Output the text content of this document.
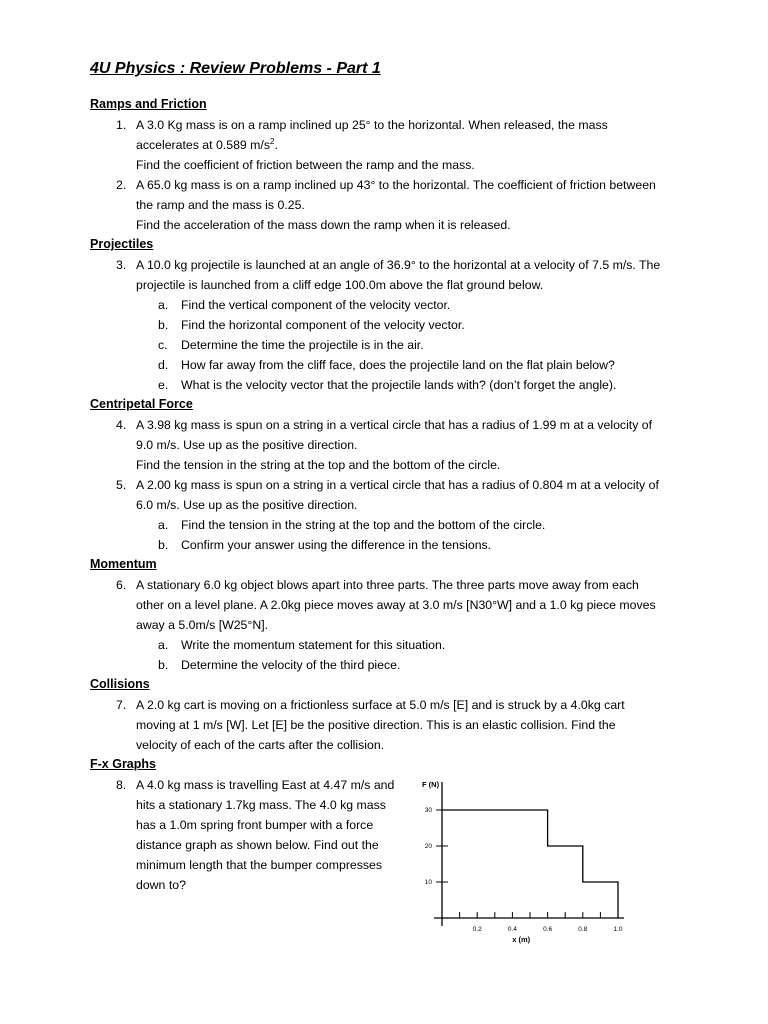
4U Physics : Review Problems - Part 1
Ramps and Friction
1. A 3.0 Kg mass is on a ramp inclined up 25° to the horizontal. When released, the mass
accelerates at 0.589 $m/s^2$.
Find the coefficient of friction between the ramp and the mass.
2. A 65.0 kg mass is on a ramp inclined up 43° to the horizontal. The coefficient of friction between
the ramp and the mass is 0.25.
Find the acceleration of the mass down the ramp when it is released.
Projectiles
3. A 10.0 kg projectile is launched at an angle of 36.9° to the horizontal at a velocity of 7.5 m/s. The
projectile is launched from a cliff edge 100.0m above the flat ground below.
a. Find the vertical component of the velocity vector.
b. Find the horizontal component of the velocity vector.
c. Determine the time the projectile is in the air.
d. How far away from the cliff face, does the projectile land on the flat plain below?
e. What is the velocity vector that the projectile lands with? (don’t forget the angle).
Centripetal Force
4. A 3.98 kg mass is spun on a string in a vertical circle that has a radius of 1.99 m at a velocity of
9.0 m/s. Use up as the positive direction.
Find the tension in the string at the top and the bottom of the circle.
5. A 2.00 kg mass is spun on a string in a vertical circle that has a radius of 0.804 m at a velocity of
6.0 m/s. Use up as the positive direction.
a. Find the tension in the string at the top and the bottom of the circle.
b. Confirm your answer using the difference in the tensions.
Momentum
6. A stationary 6.0 kg object blows apart into three parts. The three parts move away from each
other on a level plane. A 2.0kg piece moves away at 3.0 m/s [N30°W] and a 1.0 kg piece moves
away a 5.0m/s [W25°N].
a. Write the momentum statement for this situation.
b. Determine the velocity of the third piece.
Collisions
7. A 2.0 kg cart is moving on a frictionless surface at 5.0 m/s [E] and is struck by a 4.0kg cart
moving at 1 m/s [W]. Let [E] be the positive direction. This is an elastic collision. Find the
velocity of each of the carts after the collision.
F-x Graphs
8. A 4.0 kg mass is travelling East at 4.47 m/s and
hits a stationary 1.7kg mass. The 4.0 kg mass
has a 1.0m spring front bumper with a force
distance graph as shown below. Find out the
minimum length that the bumper compresses
down to?
F (N)
x (m)
0.2	0.4	0.6	0.8	1.0
10
20
30
